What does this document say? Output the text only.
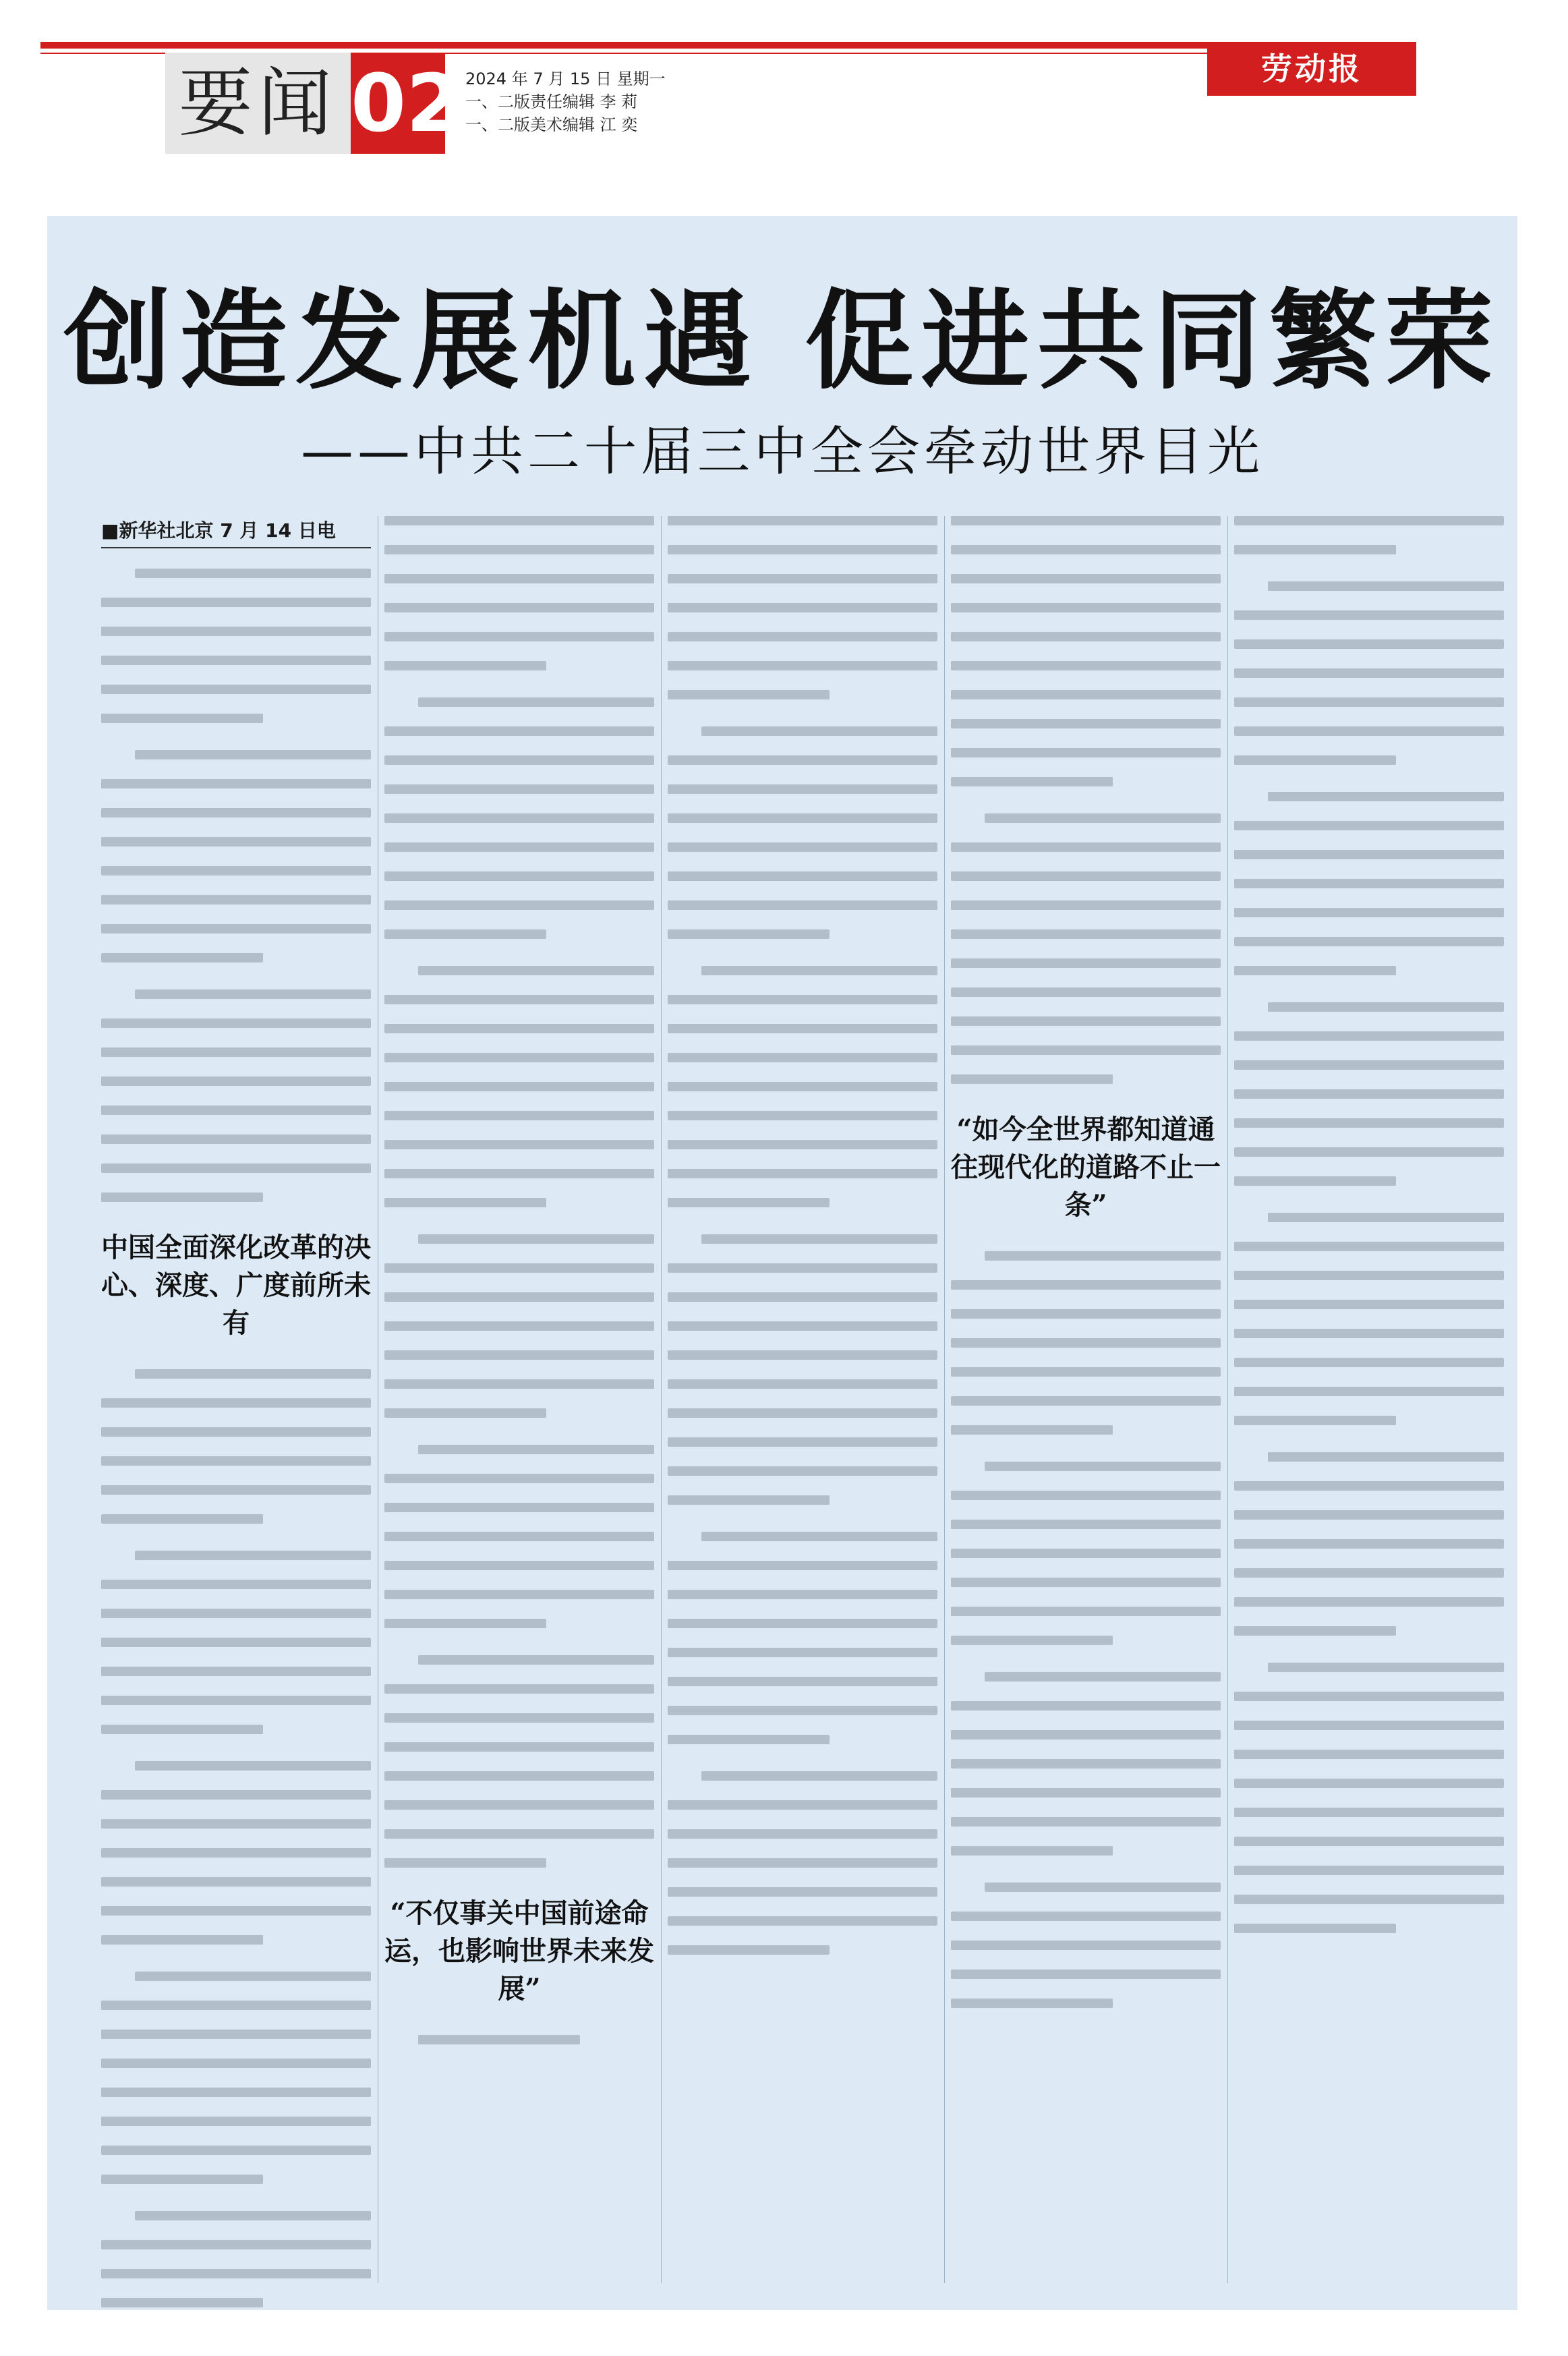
要闻 02 2024 年 7 月 15 日 星期一
一、二版责任编辑 李 莉
一、二版美术编辑 江 奕
劳动报
创造发展机遇 促进共同繁荣
——中共二十届三中全会牵动世界目光
■新华社北京 7 月 14 日电
中国全面深化改革的决心、深度、广度前所未有
“不仅事关中国前途命运，也影响世界未来发展”
“如今全世界都知道通往现代化的道路不止一条”
